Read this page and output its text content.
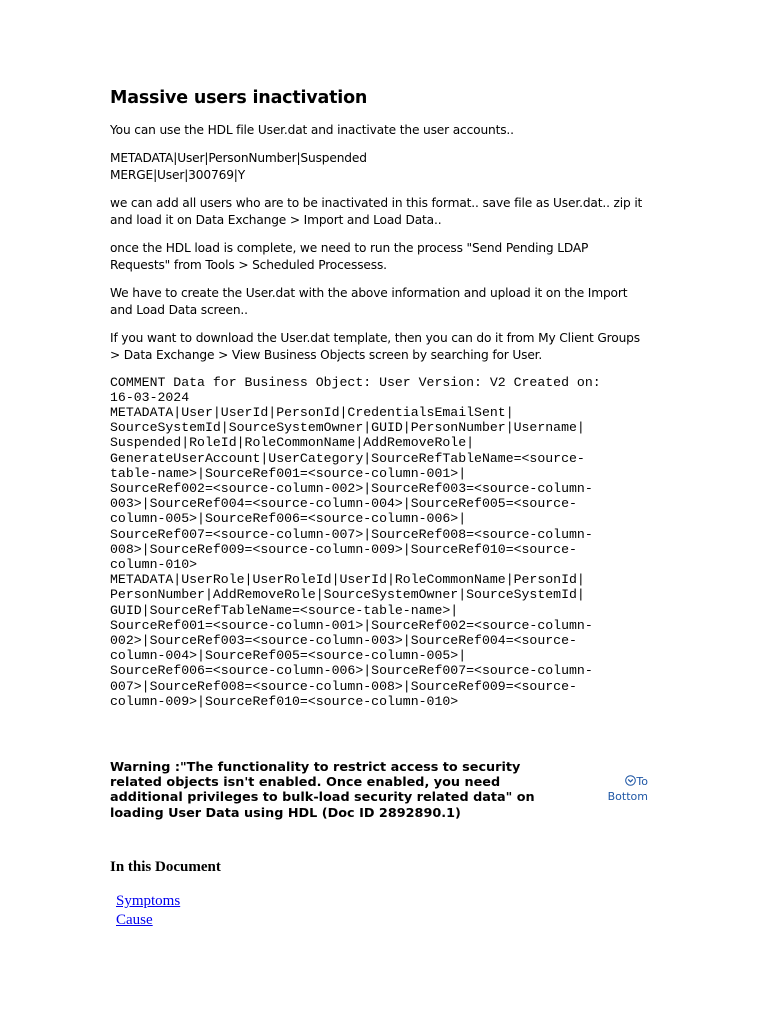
Massive users inactivation

You can use the HDL file User.dat and inactivate the user accounts..

METADATA|User|PersonNumber|Suspended
MERGE|User|300769|Y

we can add all users who are to be inactivated in this format.. save file as User.dat.. zip it and load it on Data Exchange > Import and Load Data..

once the HDL load is complete, we need to run the process "Send Pending LDAP Requests" from Tools > Scheduled Processess.

We have to create the User.dat with the above information and upload it on the Import and Load Data screen..

If you want to download the User.dat template, then you can do it from My Client Groups > Data Exchange > View Business Objects screen by searching for User.

COMMENT Data for Business Object: User Version: V2 Created on:
16-03-2024
METADATA|User|UserId|PersonId|CredentialsEmailSent|
SourceSystemId|SourceSystemOwner|GUID|PersonNumber|Username|
Suspended|RoleId|RoleCommonName|AddRemoveRole|
GenerateUserAccount|UserCategory|SourceRefTableName=<source-
table-name>|SourceRef001=<source-column-001>|
SourceRef002=<source-column-002>|SourceRef003=<source-column-
003>|SourceRef004=<source-column-004>|SourceRef005=<source-
column-005>|SourceRef006=<source-column-006>|
SourceRef007=<source-column-007>|SourceRef008=<source-column-
008>|SourceRef009=<source-column-009>|SourceRef010=<source-
column-010>
METADATA|UserRole|UserRoleId|UserId|RoleCommonName|PersonId|
PersonNumber|AddRemoveRole|SourceSystemOwner|SourceSystemId|
GUID|SourceRefTableName=<source-table-name>|
SourceRef001=<source-column-001>|SourceRef002=<source-column-
002>|SourceRef003=<source-column-003>|SourceRef004=<source-
column-004>|SourceRef005=<source-column-005>|
SourceRef006=<source-column-006>|SourceRef007=<source-column-
007>|SourceRef008=<source-column-008>|SourceRef009=<source-
column-009>|SourceRef010=<source-column-010>

Warning :"The functionality to restrict access to security related objects isn't enabled. Once enabled, you need additional privileges to bulk-load security related data" on loading User Data using HDL (Doc ID 2892890.1)

To
Bottom
In this Document
Symptoms
Cause
